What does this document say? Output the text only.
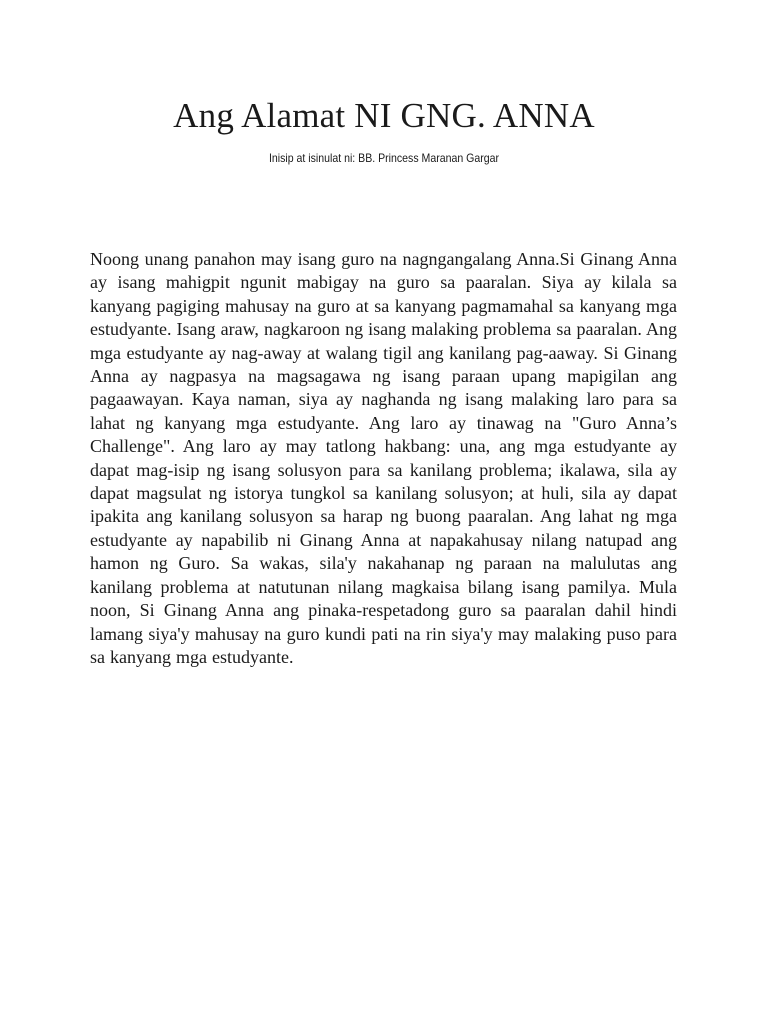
Ang Alamat NI GNG. ANNA

Inisip at isinulat ni: BB. Princess Maranan Gargar

Noong unang panahon may isang guro na nagngangalang Anna.Si Ginang Anna ay isang mahigpit ngunit mabigay na guro sa paaralan. Siya ay kilala sa kanyang pagiging mahusay na guro at sa kanyang pagmamahal sa kanyang mga estudyante. Isang araw, nagkaroon ng isang malaking problema sa paaralan. Ang mga estudyante ay nag-away at walang tigil ang kanilang pag-aaway. Si Ginang Anna ay nagpasya na magsagawa ng isang paraan upang mapigilan ang pagaawayan. Kaya naman, siya ay naghanda ng isang malaking laro para sa lahat ng kanyang mga estudyante. Ang laro ay tinawag na "Guro Anna’s Challenge". Ang laro ay may tatlong hakbang: una, ang mga estudyante ay dapat mag-isip ng isang solusyon para sa kanilang problema; ikalawa, sila ay dapat magsulat ng istorya tungkol sa kanilang solusyon; at huli, sila ay dapat ipakita ang kanilang solusyon sa harap ng buong paaralan. Ang lahat ng mga estudyante ay napabilib ni Ginang Anna at napakahusay nilang natupad ang hamon ng Guro. Sa wakas, sila'y nakahanap ng paraan na malulutas ang kanilang problema at natutunan nilang magkaisa bilang isang pamilya. Mula noon, Si Ginang Anna ang pinaka-respetadong guro sa paaralan dahil hindi lamang siya'y mahusay na guro kundi pati na rin siya'y may malaking puso para sa kanyang mga estudyante.
